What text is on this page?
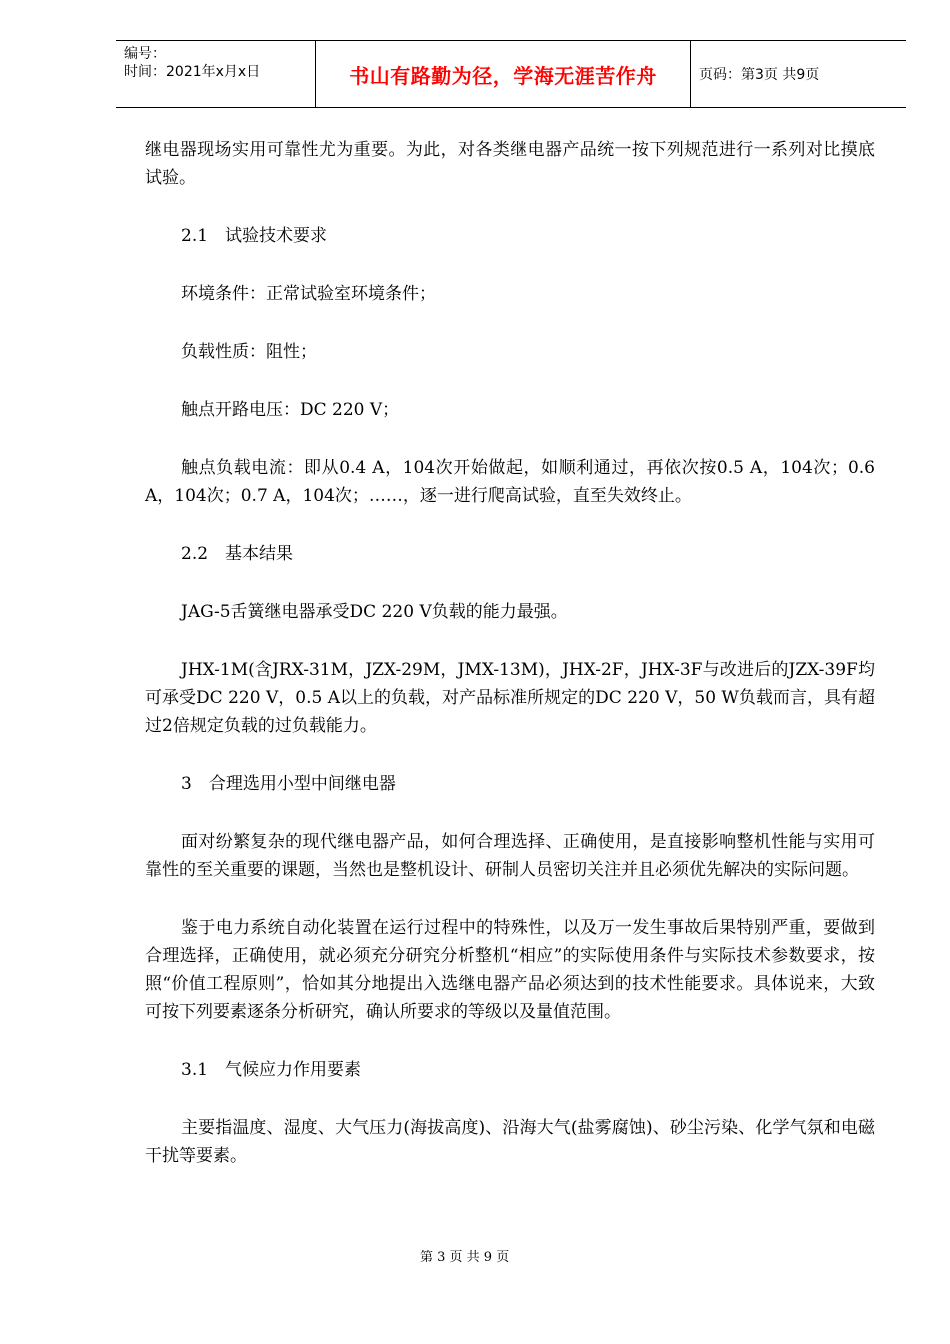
编号：
时间：2021年x月x日	书山有路勤为径，学海无涯苦作舟	页码：第3页 共9页

继电器现场实用可靠性尤为重要。为此，对各类继电器产品统一按下列规范进行一系列对比摸底试验。

2.1　试验技术要求

环境条件：正常试验室环境条件；

负载性质：阻性；

触点开路电压：DC 220 V；

触点负载电流：即从0.4 A，104次开始做起，如顺利通过，再依次按0.5 A，104次；0.6 A，104次；0.7 A，104次；……，逐一进行爬高试验，直至失效终止。

2.2　基本结果

JAG-5舌簧继电器承受DC 220 V负载的能力最强。

JHX-1M(含JRX-31M，JZX-29M，JMX-13M)，JHX-2F，JHX-3F与改进后的JZX-39F均可承受DC 220 V，0.5 A以上的负载，对产品标准所规定的DC 220 V，50 W负载而言，具有超过2倍规定负载的过负载能力。

3　合理选用小型中间继电器

面对纷繁复杂的现代继电器产品，如何合理选择、正确使用，是直接影响整机性能与实用可靠性的至关重要的课题，当然也是整机设计、研制人员密切关注并且必须优先解决的实际问题。

鉴于电力系统自动化装置在运行过程中的特殊性，以及万一发生事故后果特别严重，要做到合理选择，正确使用，就必须充分研究分析整机“相应”的实际使用条件与实际技术参数要求，按照“价值工程原则”，恰如其分地提出入选继电器产品必须达到的技术性能要求。具体说来，大致可按下列要素逐条分析研究，确认所要求的等级以及量值范围。

3.1　气候应力作用要素

主要指温度、湿度、大气压力(海拔高度)、沿海大气(盐雾腐蚀)、砂尘污染、化学气氛和电磁干扰等要素。

第 3 页 共 9 页
